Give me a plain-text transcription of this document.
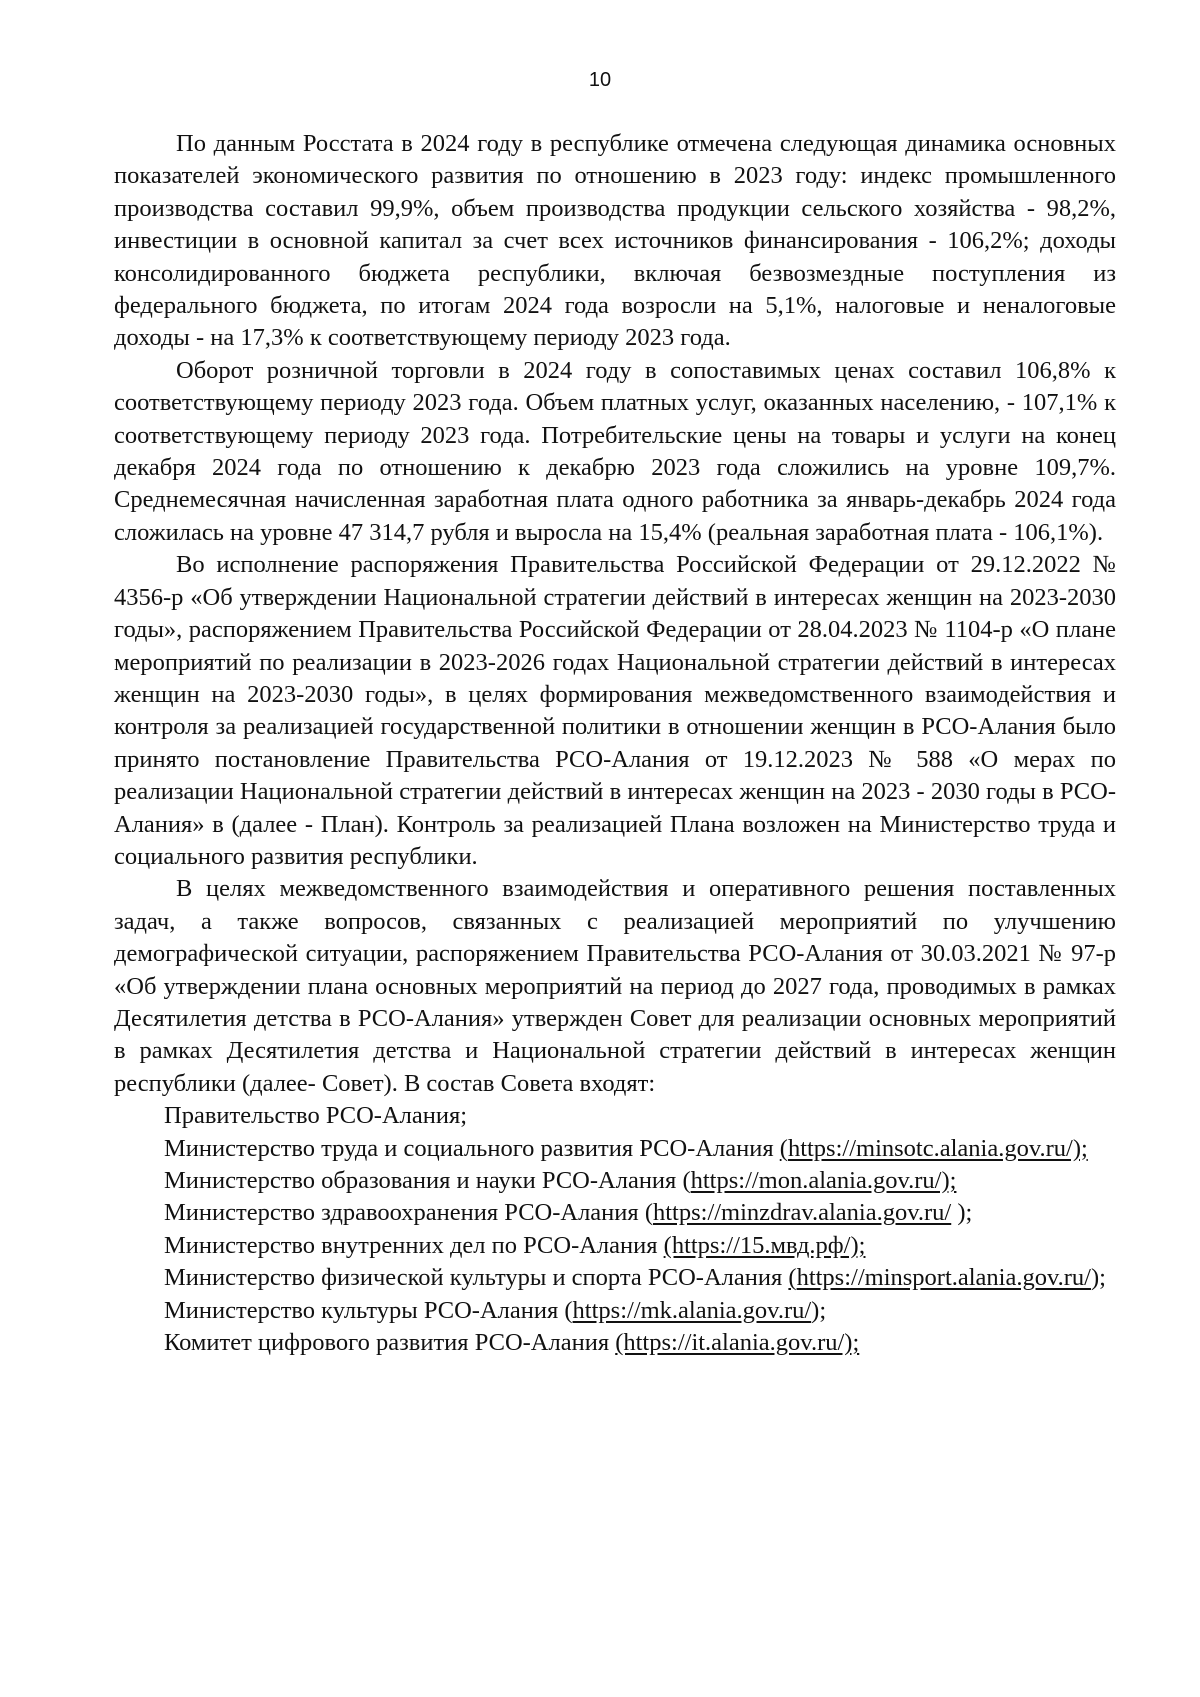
10

По данным Росстата в 2024 году в республике отмечена следующая динамика основных показателей экономического развития по отношению в 2023 году: индекс промышленного производства составил 99,9%, объем производства продукции сельского хозяйства - 98,2%, инвестиции в основной капитал за счет всех источников финансирования - 106,2%; доходы консолидированного бюджета республики, включая безвозмездные поступления из федерального бюджета, по итогам 2024 года возросли на 5,1%, налоговые и неналоговые доходы - на 17,3% к соответствующему периоду 2023 года.

Оборот розничной торговли в 2024 году в сопоставимых ценах составил 106,8% к соответствующему периоду 2023 года. Объем платных услуг, оказанных населению, - 107,1% к соответствующему периоду 2023 года. Потребительские цены на товары и услуги на конец декабря 2024 года по отношению к декабрю 2023 года сложились на уровне 109,7%. Среднемесячная начисленная заработная плата одного работника за январь-декабрь 2024 года сложилась на уровне 47 314,7 рубля и выросла на 15,4% (реальная заработная плата - 106,1%).

Во исполнение распоряжения Правительства Российской Федерации от 29.12.2022 № 4356-р «Об утверждении Национальной стратегии действий в интересах женщин на 2023-2030 годы», распоряжением Правительства Российской Федерации от 28.04.2023 № 1104-р «О плане мероприятий по реализации в 2023-2026 годах Национальной стратегии действий в интересах женщин на 2023-2030 годы», в целях формирования межведомственного взаимодействия и контроля за реализацией государственной политики в отношении женщин в РСО-Алания было принято постановление Правительства РСО-Алания от 19.12.2023 № 588 «О мерах по реализации Национальной стратегии действий в интересах женщин на 2023 - 2030 годы в РСО-Алания» в (далее - План). Контроль за реализацией Плана возложен на Министерство труда и социального развития республики.

В целях межведомственного взаимодействия и оперативного решения поставленных задач, а также вопросов, связанных с реализацией мероприятий по улучшению демографической ситуации, распоряжением Правительства РСО-Алания от 30.03.2021 № 97-р «Об утверждении плана основных мероприятий на период до 2027 года, проводимых в рамках Десятилетия детства в РСО-Алания» утвержден Совет для реализации основных мероприятий в рамках Десятилетия детства и Национальной стратегии действий в интересах женщин республики (далее- Совет). В состав Совета входят:

Правительство РСО-Алания;

Министерство труда и социального развития РСО-Алания (https://minsotc.alania.gov.ru/);

Министерство образования и науки РСО-Алания (https://mon.alania.gov.ru/);

Министерство здравоохранения РСО-Алания (https://minzdrav.alania.gov.ru/ );

Министерство внутренних дел по РСО-Алания (https://15.мвд.рф/);

Министерство физической культуры и спорта РСО-Алания (https://minsport.alania.gov.ru/);

Министерство культуры РСО-Алания (https://mk.alania.gov.ru/);

Комитет цифрового развития РСО-Алания (https://it.alania.gov.ru/);
